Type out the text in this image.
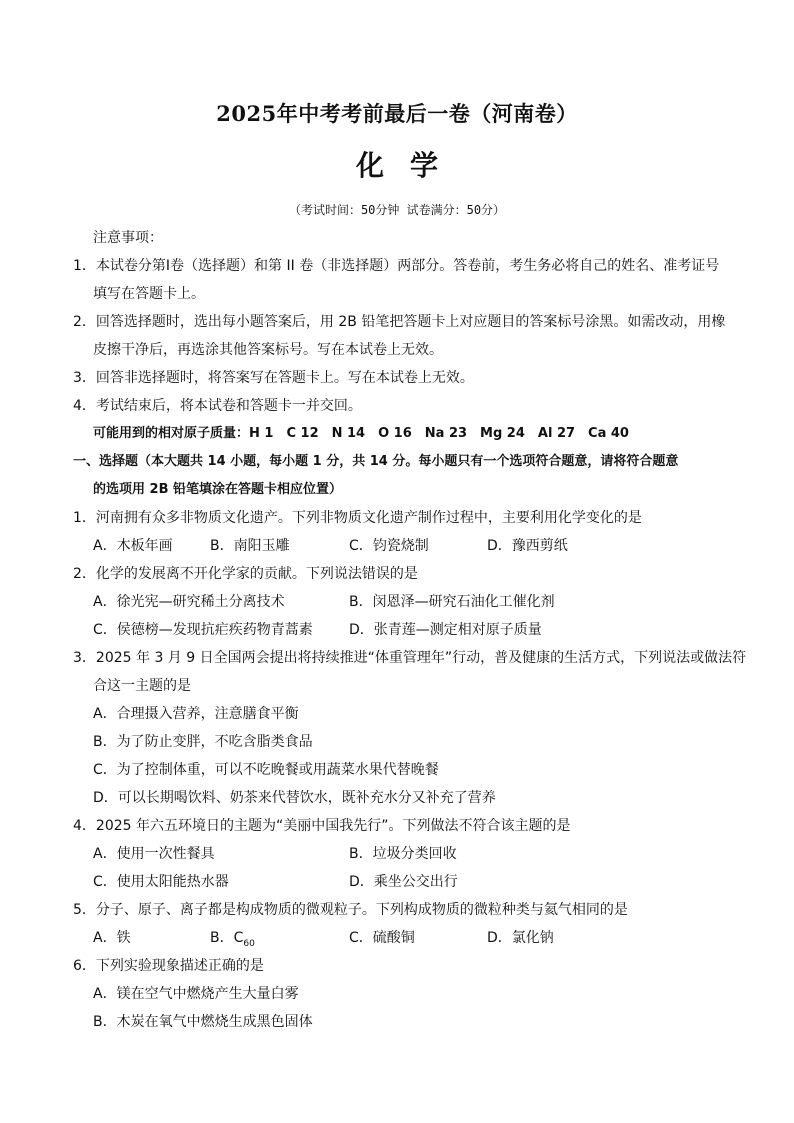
2025年中考考前最后一卷（河南卷）
化学
（考试时间：50分钟 试卷满分：50分）
注意事项：
1．本试卷分第Ⅰ卷（选择题）和第 II 卷（非选择题）两部分。答卷前，考生务必将自己的姓名、准考证号
填写在答题卡上。
2．回答选择题时，选出每小题答案后，用 2B 铅笔把答题卡上对应题目的答案标号涂黑。如需改动，用橡
皮擦干净后，再选涂其他答案标号。写在本试卷上无效。
3．回答非选择题时，将答案写在答题卡上。写在本试卷上无效。
4．考试结束后，将本试卷和答题卡一并交回。
可能用到的相对原子质量：H 1　C 12　N 14　O 16　Na 23　Mg 24　Al 27　Ca 40
一、选择题（本大题共 14 小题，每小题 1 分，共 14 分。每小题只有一个选项符合题意，请将符合题意
的选项用 2B 铅笔填涂在答题卡相应位置）
1．河南拥有众多非物质文化遗产。下列非物质文化遗产制作过程中，主要利用化学变化的是
A．木板年画	B．南阳玉雕	C．钧瓷烧制	D．豫西剪纸
2．化学的发展离不开化学家的贡献。下列说法错误的是
A．徐光宪—研究稀土分离技术	B．闵恩泽—研究石油化工催化剂
C．侯德榜—发现抗疟疾药物青蒿素	D．张青莲—测定相对原子质量
3．2025 年 3 月 9 日全国两会提出将持续推进“体重管理年”行动，普及健康的生活方式，下列说法或做法符
合这一主题的是
A．合理摄入营养，注意膳食平衡
B．为了防止变胖，不吃含脂类食品
C．为了控制体重，可以不吃晚餐或用蔬菜水果代替晚餐
D．可以长期喝饮料、奶茶来代替饮水，既补充水分又补充了营养
4．2025 年六五环境日的主题为“美丽中国我先行”。下列做法不符合该主题的是
A．使用一次性餐具	B．垃圾分类回收
C．使用太阳能热水器	D．乘坐公交出行
5．分子、原子、离子都是构成物质的微观粒子。下列构成物质的微粒种类与氦气相同的是
A．铁	B．$C_{60}$	C．硫酸铜	D．氯化钠
6．下列实验现象描述正确的是
A．镁在空气中燃烧产生大量白雾
B．木炭在氧气中燃烧生成黑色固体
